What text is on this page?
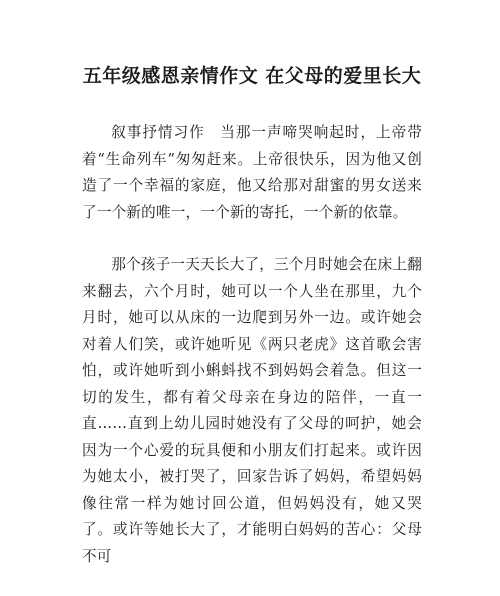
五年级感恩亲情作文 在父母的爱里长大

叙事抒情习作　当那一声啼哭响起时，上帝带着“生命列车”匆匆赶来。上帝很快乐，因为他又创造了一个幸福的家庭，他又给那对甜蜜的男女送来了一个新的唯一，一个新的寄托，一个新的依靠。

那个孩子一天天长大了，三个月时她会在床上翻来翻去，六个月时，她可以一个人坐在那里，九个月时，她可以从床的一边爬到另外一边。或许她会对着人们笑，或许她听见《两只老虎》这首歌会害怕，或许她听到小蝌蚪找不到妈妈会着急。但这一切的发生，都有着父母亲在身边的陪伴，一直一直……直到上幼儿园时她没有了父母的呵护，她会因为一个心爱的玩具便和小朋友们打起来。或许因为她太小，被打哭了，回家告诉了妈妈，希望妈妈像往常一样为她讨回公道，但妈妈没有，她又哭了。或许等她长大了，才能明白妈妈的苦心：父母不可
